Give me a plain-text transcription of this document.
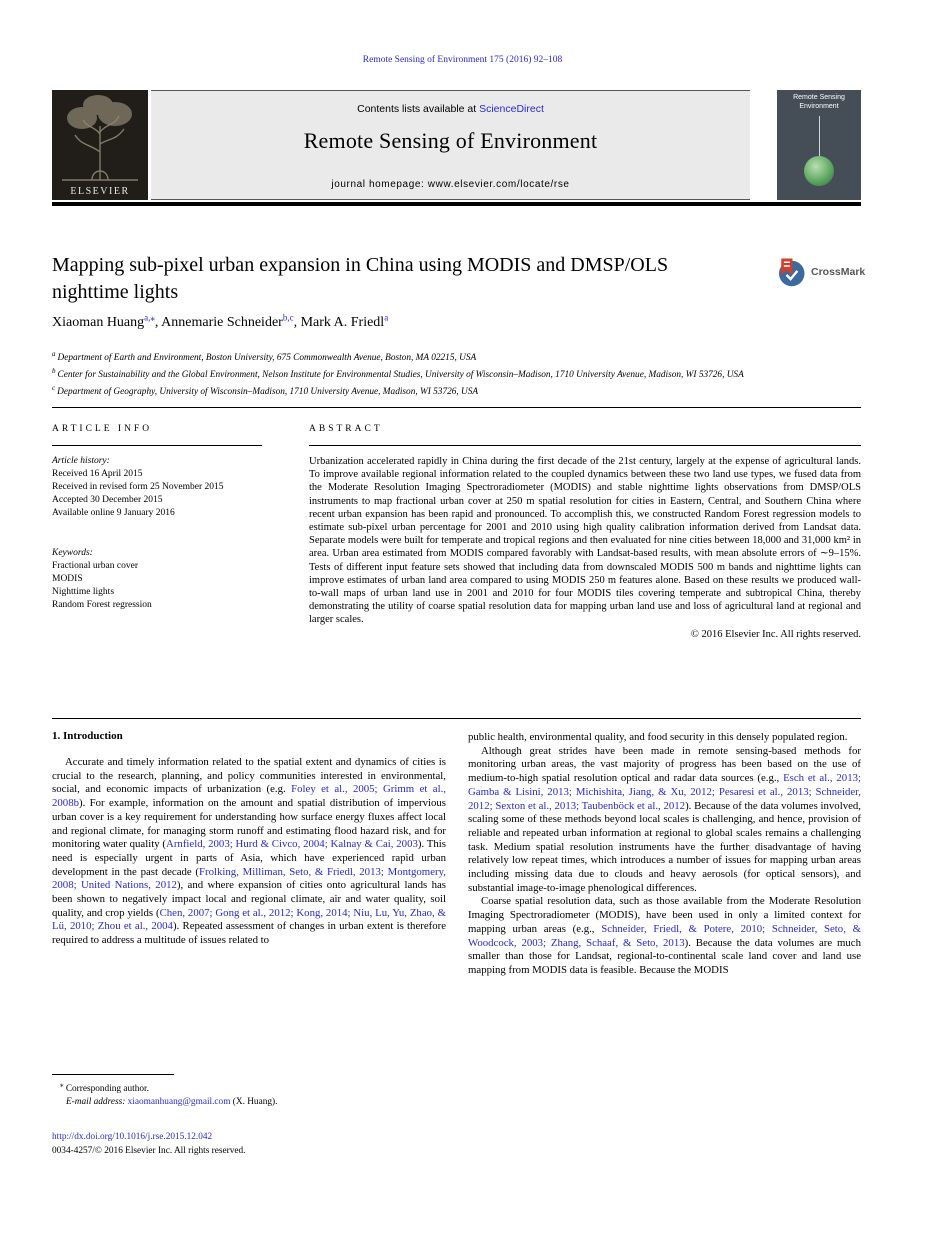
Remote Sensing of Environment 175 (2016) 92–108
ELSEVIER
Contents lists available at ScienceDirect
Remote Sensing of Environment
journal homepage: www.elsevier.com/locate/rse
Remote Sensing
Environment
Mapping sub-pixel urban expansion in China using MODIS and DMSP/OLS nighttime lights
CrossMark
Xiaoman Huang$^{a,⁎}$, Annemarie Schneider$^{b,c}$, Mark A. Friedl$^a$
$^a$ Department of Earth and Environment, Boston University, 675 Commonwealth Avenue, Boston, MA 02215, USA
$^b$ Center for Sustainability and the Global Environment, Nelson Institute for Environmental Studies, University of Wisconsin–Madison, 1710 University Avenue, Madison, WI 53726, USA
$^c$ Department of Geography, University of Wisconsin–Madison, 1710 University Avenue, Madison, WI 53726, USA
ARTICLE INFO	ABSTRACT
Article history:
Received 16 April 2015
Received in revised form 25 November 2015
Accepted 30 December 2015
Available online 9 January 2016
Keywords:
Fractional urban cover
MODIS
Nighttime lights
Random Forest regression

Urbanization accelerated rapidly in China during the first decade of the 21st century, largely at the expense of agricultural lands. To improve available regional information related to the coupled dynamics between these two land use types, we fused data from the Moderate Resolution Imaging Spectroradiometer (MODIS) and stable nighttime lights observations from DMSP/OLS instruments to map fractional urban cover at 250 m spatial resolution for cities in Eastern, Central, and Southern China where recent urban expansion has been rapid and pronounced. To accomplish this, we constructed Random Forest regression models to estimate sub-pixel urban percentage for 2001 and 2010 using high quality calibration information derived from Landsat data. Separate models were built for temperate and tropical regions and then evaluated for nine cities between 18,000 and 31,000 km² in area. Urban area estimated from MODIS compared favorably with Landsat-based results, with mean absolute errors of ∼9–15%. Tests of different input feature sets showed that including data from downscaled MODIS 500 m bands and nighttime lights can improve estimates of urban land area compared to using MODIS 250 m features alone. Based on these results we produced wall-to-wall maps of urban land use in 2001 and 2010 for four MODIS tiles covering temperate and subtropical China, thereby demonstrating the utility of coarse spatial resolution data for mapping urban land use and loss of agricultural land at regional and larger scales.

© 2016 Elsevier Inc. All rights reserved.
1. Introduction

Accurate and timely information related to the spatial extent and dynamics of cities is crucial to the research, planning, and policy communities interested in environmental, social, and economic impacts of urbanization (e.g. Foley et al., 2005; Grimm et al., 2008b). For example, information on the amount and spatial distribution of impervious urban cover is a key requirement for understanding how surface energy fluxes affect local and regional climate, for managing storm runoff and estimating flood hazard risk, and for monitoring water quality (Arnfield, 2003; Hurd & Civco, 2004; Kalnay & Cai, 2003). This need is especially urgent in parts of Asia, which have experienced rapid urban development in the past decade (Frolking, Milliman, Seto, & Friedl, 2013; Montgomery, 2008; United Nations, 2012), and where expansion of cities onto agricultural lands has been shown to negatively impact local and regional climate, air and water quality, soil quality, and crop yields (Chen, 2007; Gong et al., 2012; Kong, 2014; Niu, Lu, Yu, Zhao, & Lü, 2010; Zhou et al., 2004). Repeated assessment of changes in urban extent is therefore required to address a multitude of issues related to

public health, environmental quality, and food security in this densely populated region.

Although great strides have been made in remote sensing-based methods for monitoring urban areas, the vast majority of progress has been based on the use of medium-to-high spatial resolution optical and radar data sources (e.g., Esch et al., 2013; Gamba & Lisini, 2013; Michishita, Jiang, & Xu, 2012; Pesaresi et al., 2013; Schneider, 2012; Sexton et al., 2013; Taubenböck et al., 2012). Because of the data volumes involved, scaling some of these methods beyond local scales is challenging, and hence, provision of reliable and repeated urban information at regional to global scales remains a challenging task. Medium spatial resolution instruments have the further disadvantage of having relatively low repeat times, which introduces a number of issues for mapping urban areas including missing data due to clouds and heavy aerosols (for optical sensors), and substantial image-to-image phenological differences.

Coarse spatial resolution data, such as those available from the Moderate Resolution Imaging Spectroradiometer (MODIS), have been used in only a limited context for mapping urban areas (e.g., Schneider, Friedl, & Potere, 2010; Schneider, Seto, & Woodcock, 2003; Zhang, Schaaf, & Seto, 2013). Because the data volumes are much smaller than those for Landsat, regional-to-continental scale land cover and land use mapping from MODIS data is feasible. Because the MODIS

⁎ Corresponding author.
E-mail address: xiaomanhuang@gmail.com (X. Huang).
http://dx.doi.org/10.1016/j.rse.2015.12.042
0034-4257/© 2016 Elsevier Inc. All rights reserved.
